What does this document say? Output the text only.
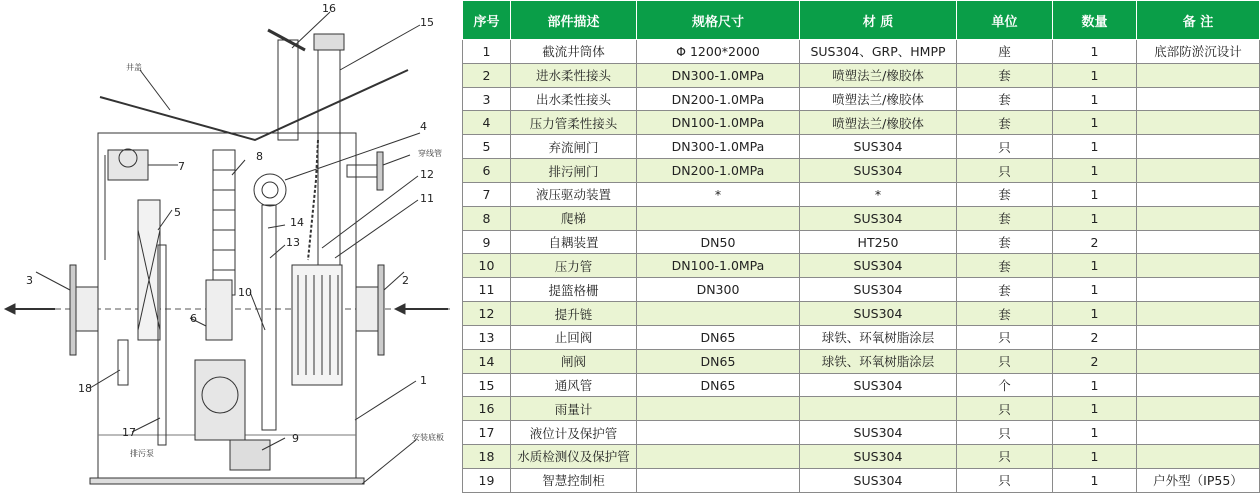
1
2
3
4
5
6
7
8
9
10
11
12
13
14
15
16
17
18
井盖
穿线管
安装底板
排污泵
序号	部件描述	规格尺寸	材 质	单位	数量	备 注
1	截流井筒体	Φ 1200*2000	SUS304、GRP、HMPP	座	1	底部防淤沉设计
2	进水柔性接头	DN300-1.0MPa	喷塑法兰/橡胶体	套	1	
3	出水柔性接头	DN200-1.0MPa	喷塑法兰/橡胶体	套	1	
4	压力管柔性接头	DN100-1.0MPa	喷塑法兰/橡胶体	套	1	
5	弃流闸门	DN300-1.0MPa	SUS304	只	1	
6	排污闸门	DN200-1.0MPa	SUS304	只	1	
7	液压驱动装置	*	*	套	1	
8	爬梯		SUS304	套	1	
9	自耦装置	DN50	HT250	套	2	
10	压力管	DN100-1.0MPa	SUS304	套	1	
11	提篮格栅	DN300	SUS304	套	1	
12	提升链		SUS304	套	1	
13	止回阀	DN65	球铁、环氧树脂涂层	只	2	
14	闸阀	DN65	球铁、环氧树脂涂层	只	2	
15	通风管	DN65	SUS304	个	1	
16	雨量计			只	1	
17	液位计及保护管		SUS304	只	1	
18	水质检测仪及保护管		SUS304	只	1	
19	智慧控制柜		SUS304	只	1	户外型（IP55）
